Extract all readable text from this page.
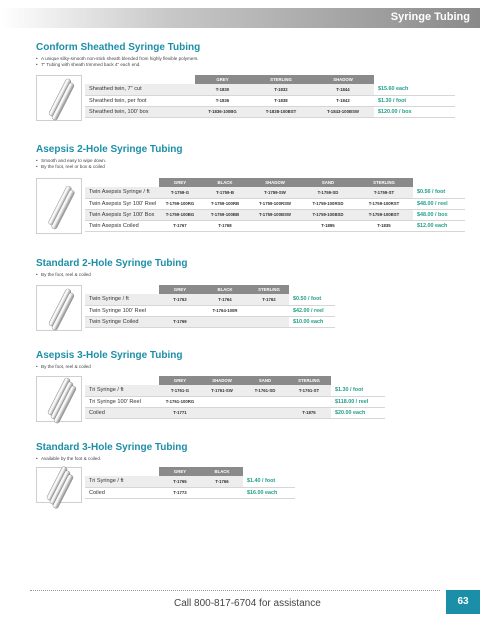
Syringe Tubing
Conform Sheathed Syringe Tubing
• A unique silky-smooth non-stick sheath blended from highly flexible polymers.
• 7" Tubing with sheath trimmed back 4" each end.
	GREY	STERLING	SHADOW	
Sheathed twin, 7" cut	T-1830	T-1832	T-1844	$15.60 each
Sheathed twin, per foot	T-1836	T-1838	T-1843	$1.30 / foot
Sheathed twin, 100' box	T-1836-100BG	T-1838-100BST	T-1843-100BSW	$120.00 / box
Asepsis 2-Hole Syringe Tubing
• Smooth and easy to wipe down.
• By the foot, reel or box & coiled
	GREY	BLACK	SHADOW	SAND	STERLING	
Twin Asepsis Syringe / ft	T-1759-G	T-1759-B	T-1759-SW	T-1759-SD	T-1759-ST	$0.56 / foot
Twin Asepsis Syr 100' Reel	T-1759-100RG	T-1759-100RB	T-1759-100RSW	T-1759-100RSD	T-1759-100RST	$48.00 / reel
Twin Asepsis Syr 100' Box	T-1759-100BG	T-1759-100BB	T-1759-100BSW	T-1759-100BSD	T-1759-100BST	$48.00 / box
Twin Asepsis Coiled	T-1767	T-1768		T-1895	T-1835	$12.00 each
Standard 2-Hole Syringe Tubing
• By the foot, reel & coiled
	GREY	BLACK	STERLING	
Twin Syringe / ft	T-1763	T-1764	T-1762	$0.50 / foot
Twin Syringe 100' Reel		T-1764-100R		$42.00 / reel
Twin Syringe Coiled	T-1769			$10.00 each
Asepsis 3-Hole Syringe Tubing
• By the foot, reel & coiled
	GREY	SHADOW	SAND	STERLING	
Tri Syringe / ft	T-1761-G	T-1761-SW	T-1761-SD	T-1761-ST	$1.30 / foot
Tri Syringe 100' Reel	T-1761-100RG				$118.00 / reel
Coiled	T-1771			T-1875	$20.00 each
Standard 3-Hole Syringe Tubing
• Available by the foot & coiled.
	GREY	BLACK	
Tri Syringe / ft	T-1765	T-1766	$1.40 / foot
Coiled	T-1773		$16.00 each
Call 800-817-6704 for assistance	63
